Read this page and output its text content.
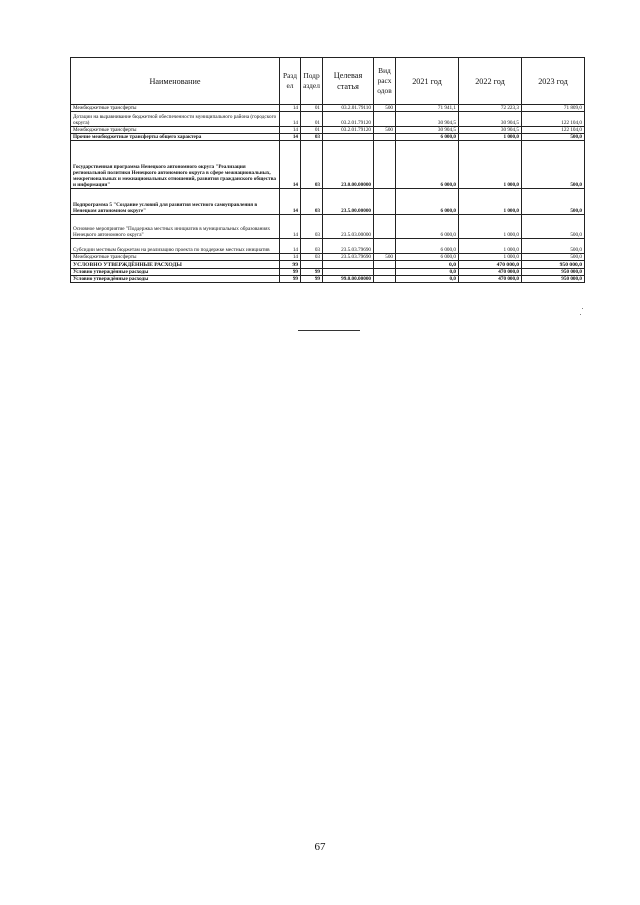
Наименование	Разд ел	Подр аздел	Целевая статья	Вид расх одов	2021 год	2022 год	2023 год
Межбюджетные трансферты	14	01	03.2.01.79110	500	71 941,1	72 223,3	71 809,0
Дотации на выравнивание бюджетной обеспеченности муниципального района (городского округа)	14	01	03.2.01.79120		30 904,5	30 904,5	122 104,0
Межбюджетные трансферты	14	01	03.2.01.79120	500	30 904,5	30 904,5	122 104,0
Прочие межбюджетные трансферты общего характера	14	03			6 000,0	1 000,0	500,0
Государственная программа Ненецкого автономного округа "Реализация региональной политики Ненецкого автономного округа в сфере межнациональных, межрегиональных и межнациональных отношений, развития гражданского общества и информации"	14	03	23.0.00.00000		6 000,0	1 000,0	500,0
Подпрограмма 5 "Создание условий для развития местного самоуправления в Ненецком автономном округе"	14	03	23.5.00.00000		6 000,0	1 000,0	500,0
Основное мероприятие "Поддержка местных инициатив в муниципальных образованиях Ненецкого автономного округа"	14	03	23.5.03.00000		6 000,0	1 000,0	500,0
Субсидии местным бюджетам на реализацию проекта по поддержке местных инициатив	14	03	23.5.03.79690		6 000,0	1 000,0	500,0
Межбюджетные трансферты	14	03	23.5.03.79690	500	6 000,0	1 000,0	500,0
УСЛОВНО УТВЕРЖДЁННЫЕ РАСХОДЫ	99				0,0	470 000,0	950 000,0
Условно утверждённые расходы	99	99			0,0	470 000,0	950 000,0
Условно утверждённые расходы	99	99	99.0.00.00000		0,0	470 000,0	950 000,0
67
